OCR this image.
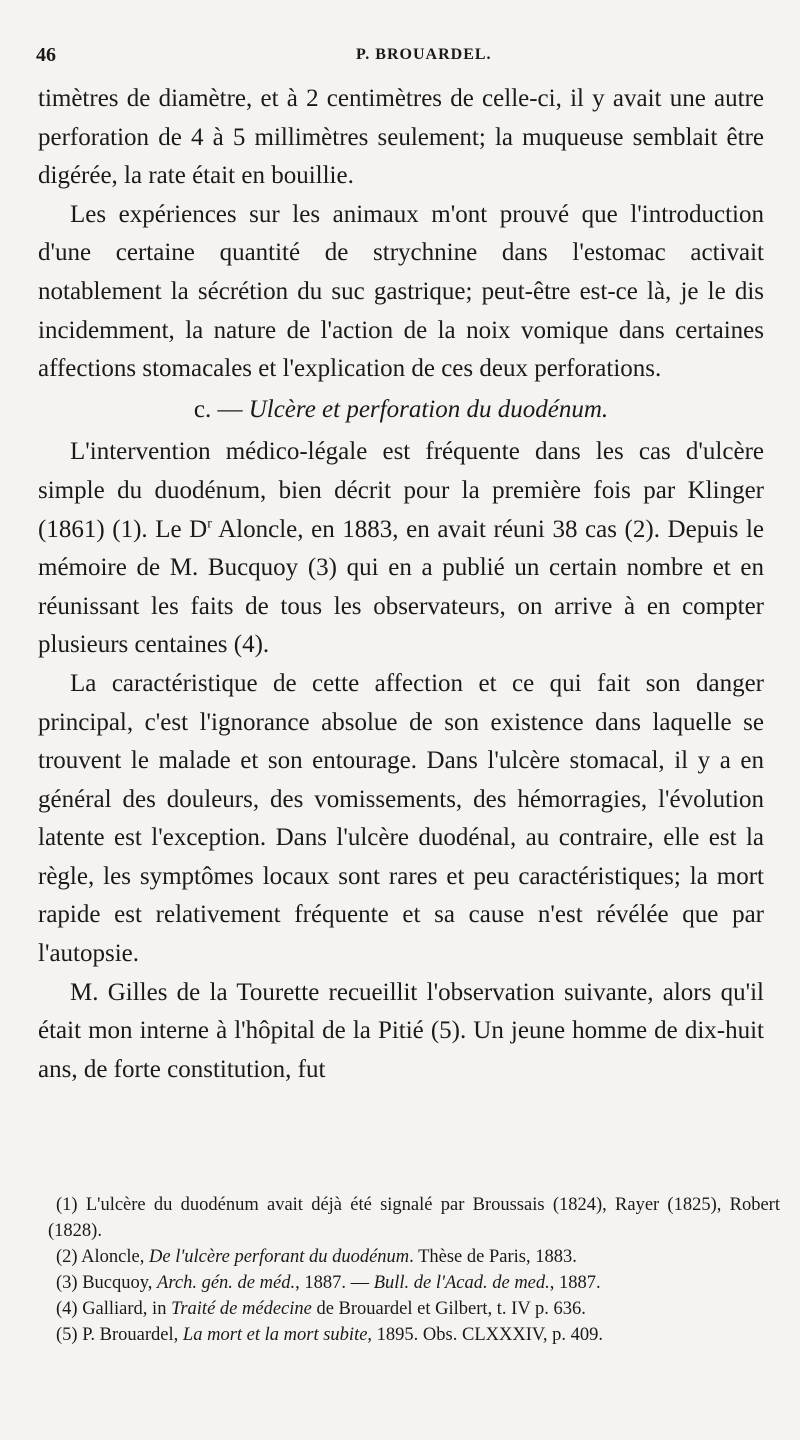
46	P. BROUARDEL.

timètres de diamètre, et à 2 centimètres de celle-ci, il y avait une autre perforation de 4 à 5 millimètres seulement; la muqueuse semblait être digérée, la rate était en bouillie.

Les expériences sur les animaux m'ont prouvé que l'introduction d'une certaine quantité de strychnine dans l'estomac activait notablement la sécrétion du suc gastrique; peut-être est-ce là, je le dis incidemment, la nature de l'action de la noix vomique dans certaines affections stomacales et l'explication de ces deux perforations.

c. — Ulcère et perforation du duodénum.

L'intervention médico-légale est fréquente dans les cas d'ulcère simple du duodénum, bien décrit pour la première fois par Klinger (1861) (1). Le $D^r$ Aloncle, en 1883, en avait réuni 38 cas (2). Depuis le mémoire de M. Bucquoy (3) qui en a publié un certain nombre et en réunissant les faits de tous les observateurs, on arrive à en compter plusieurs centaines (4).

La caractéristique de cette affection et ce qui fait son danger principal, c'est l'ignorance absolue de son existence dans laquelle se trouvent le malade et son entourage. Dans l'ulcère stomacal, il y a en général des douleurs, des vomissements, des hémorragies, l'évolution latente est l'exception. Dans l'ulcère duodénal, au contraire, elle est la règle, les symptômes locaux sont rares et peu caractéristiques; la mort rapide est relativement fréquente et sa cause n'est révélée que par l'autopsie.

M. Gilles de la Tourette recueillit l'observation suivante, alors qu'il était mon interne à l'hôpital de la Pitié (5). Un jeune homme de dix-huit ans, de forte constitution, fut

(1) L'ulcère du duodénum avait déjà été signalé par Broussais (1824), Rayer (1825), Robert (1828).

(2) Aloncle, De l'ulcère perforant du duodénum. Thèse de Paris, 1883.

(3) Bucquoy, Arch. gén. de méd., 1887. — Bull. de l'Acad. de med., 1887.

(4) Galliard, in Traité de médecine de Brouardel et Gilbert, t. IV p. 636.

(5) P. Brouardel, La mort et la mort subite, 1895. Obs. CLXXXIV, p. 409.
